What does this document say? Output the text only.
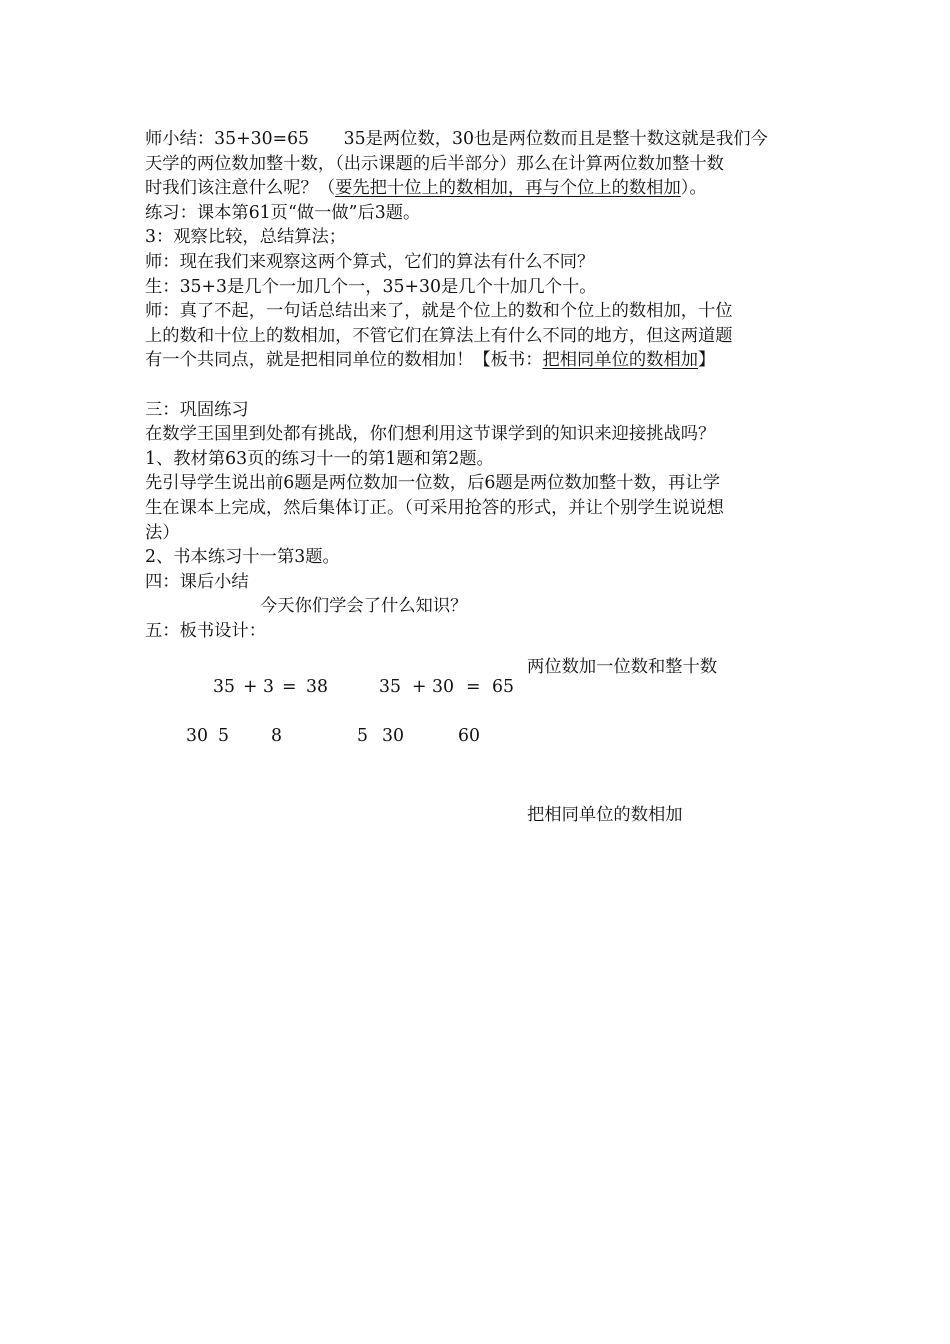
师小结：35+30=65　　35是两位数，30也是两位数而且是整十数这就是我们今

天学的两位数加整十数，（出示课题的后半部分）那么在计算两位数加整十数

时我们该注意什么呢？（要先把十位上的数相加，再与个位上的数相加）。

练习：课本第61页“做一做”后3题。

3：观察比较，总结算法；

师：现在我们来观察这两个算式，它们的算法有什么不同？

生：35+3是几个一加几个一，35+30是几个十加几个十。

师：真了不起，一句话总结出来了，就是个位上的数和个位上的数相加，十位

上的数和十位上的数相加，不管它们在算法上有什么不同的地方，但这两道题

有一个共同点，就是把相同单位的数相加！【板书：把相同单位的数相加】

三：巩固练习

在数学王国里到处都有挑战，你们想利用这节课学到的知识来迎接挑战吗？

1、教材第63页的练习十一的第1题和第2题。

先引导学生说出前6题是两位数加一位数，后6题是两位数加整十数，再让学

生在课本上完成，然后集体订正。（可采用抢答的形式，并让个别学生说说想

法）

2、书本练习十一第3题。

四：课后小结

今天你们学会了什么知识？

五：板书设计：

两位数加一位数和整十数
35 + 3 = 38	35 + 30 = 65
30 5 8	5 30	60
把相同单位的数相加
